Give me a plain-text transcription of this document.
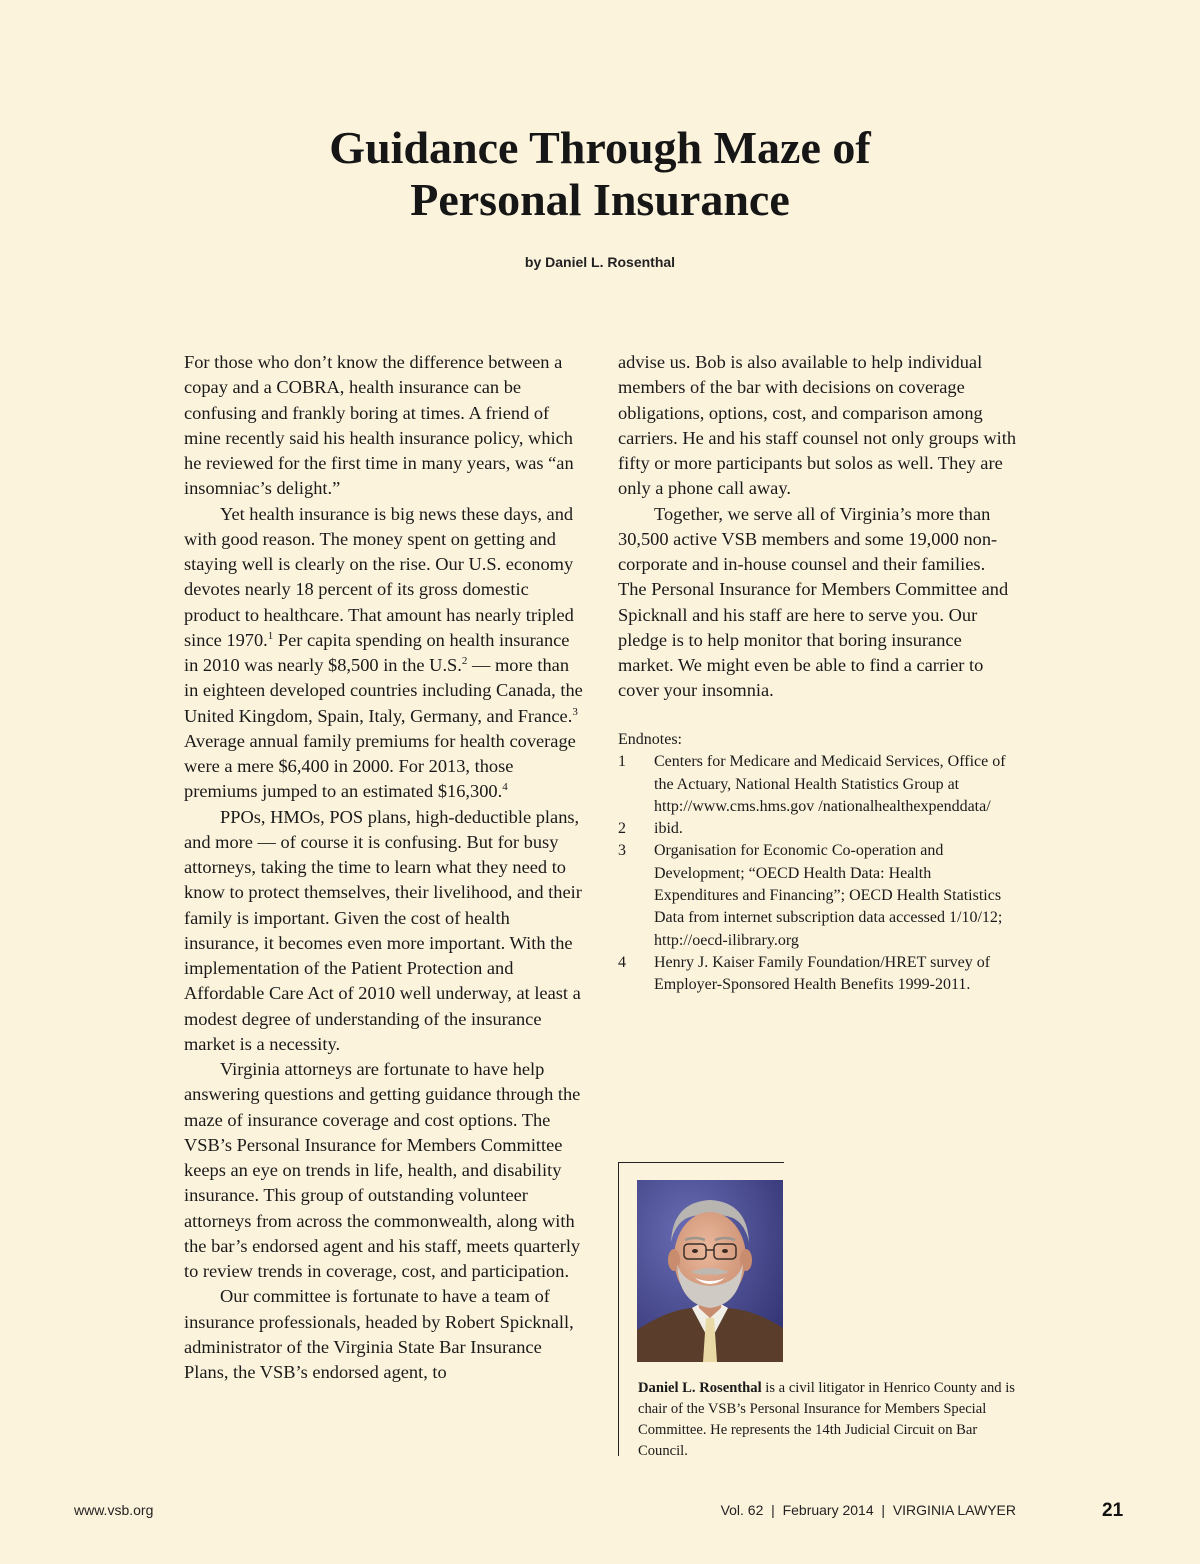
Guidance Through Maze of
Personal Insurance
by Daniel L. Rosenthal

For those who don’t know the difference between a copay and a COBRA, health insurance can be confusing and frankly boring at times. A friend of mine recently said his health insurance policy, which he reviewed for the first time in many years, was “an insomniac’s delight.”

Yet health insurance is big news these days, and with good reason. The money spent on getting and staying well is clearly on the rise. Our U.S. economy devotes nearly 18 percent of its gross domestic product to healthcare. That amount has nearly tripled since 1970.$^1$ Per capita spending on health insurance in 2010 was nearly $8,500 in the U.S.$^2$ — more than in eighteen developed countries including Canada, the United Kingdom, Spain, Italy, Germany, and France.$^3$ Average annual family premiums for health coverage were a mere $6,400 in 2000. For 2013, those premiums jumped to an estimated $16,300.$^4$

PPOs, HMOs, POS plans, high-deductible plans, and more — of course it is confusing. But for busy attorneys, taking the time to learn what they need to know to protect themselves, their livelihood, and their family is important. Given the cost of health insurance, it becomes even more important. With the implementation of the Patient Protection and Affordable Care Act of 2010 well underway, at least a modest degree of understanding of the insurance market is a necessity.

Virginia attorneys are fortunate to have help answering questions and getting guidance through the maze of insurance coverage and cost options. The VSB’s Personal Insurance for Members Committee keeps an eye on trends in life, health, and disability insurance. This group of outstanding volunteer attorneys from across the commonwealth, along with the bar’s endorsed agent and his staff, meets quarterly to review trends in coverage, cost, and participation.

Our committee is fortunate to have a team of insurance professionals, headed by Robert Spicknall, administrator of the Virginia State Bar Insurance Plans, the VSB’s endorsed agent, to

advise us. Bob is also available to help individual members of the bar with decisions on coverage obligations, options, cost, and comparison among carriers. He and his staff counsel not only groups with fifty or more participants but solos as well. They are only a phone call away.

Together, we serve all of Virginia’s more than 30,500 active VSB members and some 19,000 non-corporate and in-house counsel and their families. The Personal Insurance for Members Committee and Spicknall and his staff are here to serve you. Our pledge is to help monitor that boring insurance market. We might even be able to find a carrier to cover your insomnia.

Endnotes:
1	Centers for Medicare and Medicaid Services, Office of the Actuary, National Health Statistics Group at http://www.cms.hms.gov /nationalhealthexpenddata/
2	ibid.
3	Organisation for Economic Co-operation and Development; “OECD Health Data: Health Expenditures and Financing”; OECD Health Statistics Data from internet subscription data accessed 1/10/12; http://oecd-ilibrary.org
4	Henry J. Kaiser Family Foundation/HRET survey of Employer-Sponsored Health Benefits 1999-2011.
Daniel L. Rosenthal is a civil litigator in Henrico County and is chair of the VSB’s Personal Insurance for Members Special Committee. He represents the 14th Judicial Circuit on Bar Council.
www.vsb.org	Vol. 62  |  February 2014  |  VIRGINIA LAWYER	21
